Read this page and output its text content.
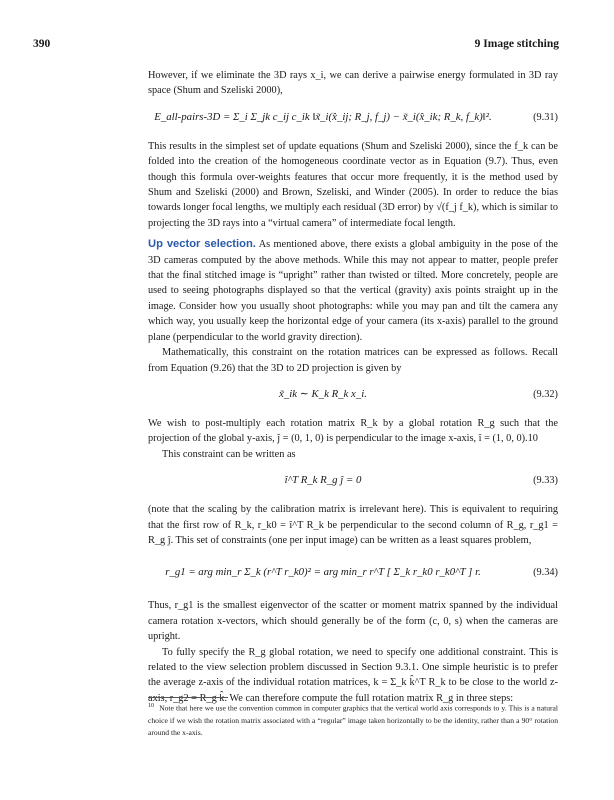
390	9 Image stitching

However, if we eliminate the 3D rays x_i, we can derive a pairwise energy formulated in 3D ray space (Shum and Szeliski 2000),

E_all-pairs-3D = Σ_i Σ_jk c_ij c_ik ‖x̃_i(x̂_ij; R_j, f_j) − x̃_i(x̂_ik; R_k, f_k)‖².	(9.31)

This results in the simplest set of update equations (Shum and Szeliski 2000), since the f_k can be folded into the creation of the homogeneous coordinate vector as in Equation (9.7). Thus, even though this formula over-weights features that occur more frequently, it is the method used by Shum and Szeliski (2000) and Brown, Szeliski, and Winder (2005). In order to reduce the bias towards longer focal lengths, we multiply each residual (3D error) by √(f_j f_k), which is similar to projecting the 3D rays into a “virtual camera” of intermediate focal length.

Up vector selection. As mentioned above, there exists a global ambiguity in the pose of the 3D cameras computed by the above methods. While this may not appear to matter, people prefer that the final stitched image is “upright” rather than twisted or tilted. More concretely, people are used to seeing photographs displayed so that the vertical (gravity) axis points straight up in the image. Consider how you usually shoot photographs: while you may pan and tilt the camera any which way, you usually keep the horizontal edge of your camera (its x-axis) parallel to the ground plane (perpendicular to the world gravity direction).

Mathematically, this constraint on the rotation matrices can be expressed as follows. Recall from Equation (9.26) that the 3D to 2D projection is given by

x̃_ik ∼ K_k R_k x_i.	(9.32)

We wish to post-multiply each rotation matrix R_k by a global rotation R_g such that the projection of the global y-axis, ĵ = (0, 1, 0) is perpendicular to the image x-axis, î = (1, 0, 0).10

This constraint can be written as

î^T R_k R_g ĵ = 0	(9.33)

(note that the scaling by the calibration matrix is irrelevant here). This is equivalent to requiring that the first row of R_k, r_k0 = î^T R_k be perpendicular to the second column of R_g, r_g1 = R_g ĵ. This set of constraints (one per input image) can be written as a least squares problem,

r_g1 = arg min_r Σ_k (r^T r_k0)² = arg min_r r^T [ Σ_k r_k0 r_k0^T ] r.	(9.34)

Thus, r_g1 is the smallest eigenvector of the scatter or moment matrix spanned by the individual camera rotation x-vectors, which should generally be of the form (c, 0, s) when the cameras are upright.

To fully specify the R_g global rotation, we need to specify one additional constraint. This is related to the view selection problem discussed in Section 9.3.1. One simple heuristic is to prefer the average z-axis of the individual rotation matrices, k = Σ_k k̂^T R_k to be close to the world z-axis, r_g2 = R_g k̂. We can therefore compute the full rotation matrix R_g in three steps:

$^{10}$ Note that here we use the convention common in computer graphics that the vertical world axis corresponds to y. This is a natural choice if we wish the rotation matrix associated with a “regular” image taken horizontally to be the identity, rather than a 90° rotation around the x-axis.
